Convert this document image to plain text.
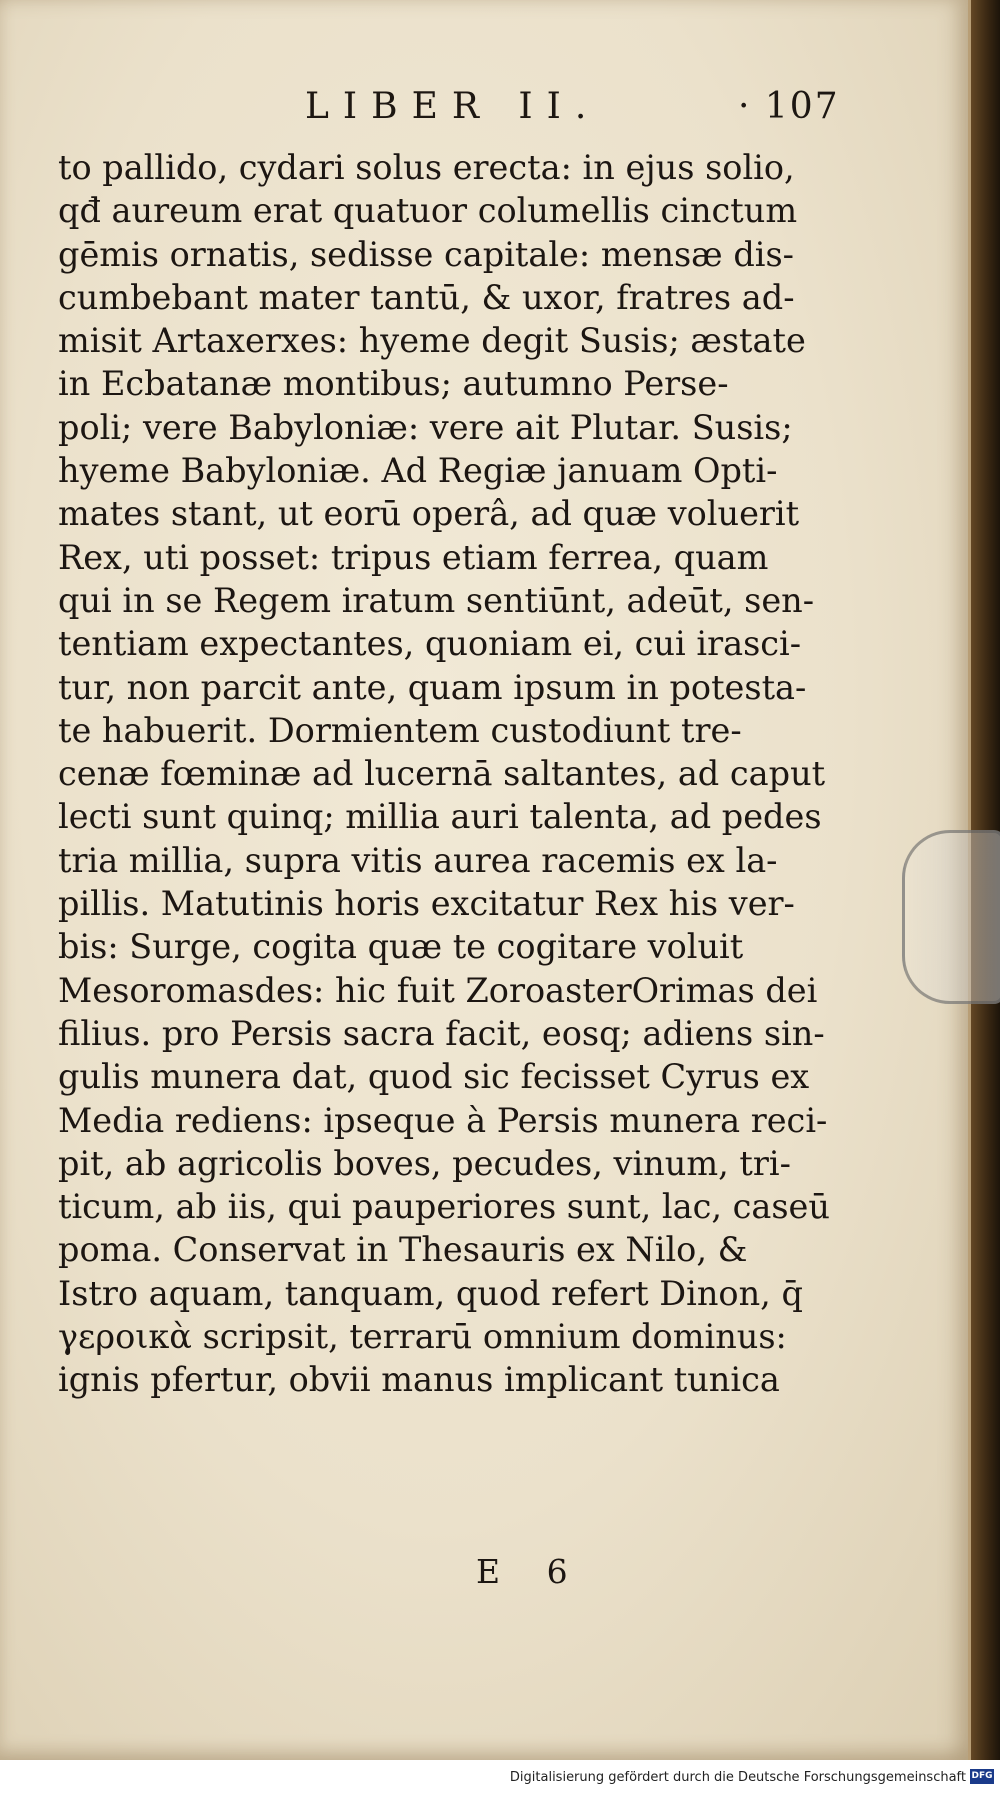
LIBER II.	· 107
to pallido, cydari solus erecta: in ejus solio,
qđ aureum erat quatuor columellis cinctum
gēmis ornatis, sedisse capitale: mensæ dis-
cumbebant mater tantū, & uxor, fratres ad-
misit Artaxerxes: hyeme degit Susis; æstate
in Ecbatanæ montibus; autumno Perse-
poli; vere Babyloniæ: vere ait Plutar. Susis;
hyeme Babyloniæ. Ad Regiæ januam Opti-
mates stant, ut eorū operâ, ad quæ voluerit
Rex, uti posset: tripus etiam ferrea, quam
qui in se Regem iratum sentiūnt, adeūt, sen-
tentiam expectantes, quoniam ei, cui irasci-
tur, non parcit ante, quam ipsum in potesta-
te habuerit. Dormientem custodiunt tre-
cenæ fœminæ ad lucernā saltantes, ad caput
lecti sunt quinq; millia auri talenta, ad pedes
tria millia, supra vitis aurea racemis ex la-
pillis. Matutinis horis excitatur Rex his ver-
bis: Surge, cogita quæ te cogitare voluit
Mesoromasdes: hic fuit ZoroasterOrimas dei
filius. pro Persis sacra facit, eosq; adiens sin-
gulis munera dat, quod sic fecisset Cyrus ex
Media rediens: ipseque à Persis munera reci-
pit, ab agricolis boves, pecudes, vinum, tri-
ticum, ab iis, qui pauperiores sunt, lac, caseū
poma. Conservat in Thesauris ex Nilo, &
Istro aquam, tanquam, quod refert Dinon, q̄
γεροικὰ scripsit, terrarū omnium dominus:
ignis pfertur, obvii manus implicant tunica
E 6
Digitalisierung gefördert durch die Deutsche Forschungsgemeinschaft DFG
